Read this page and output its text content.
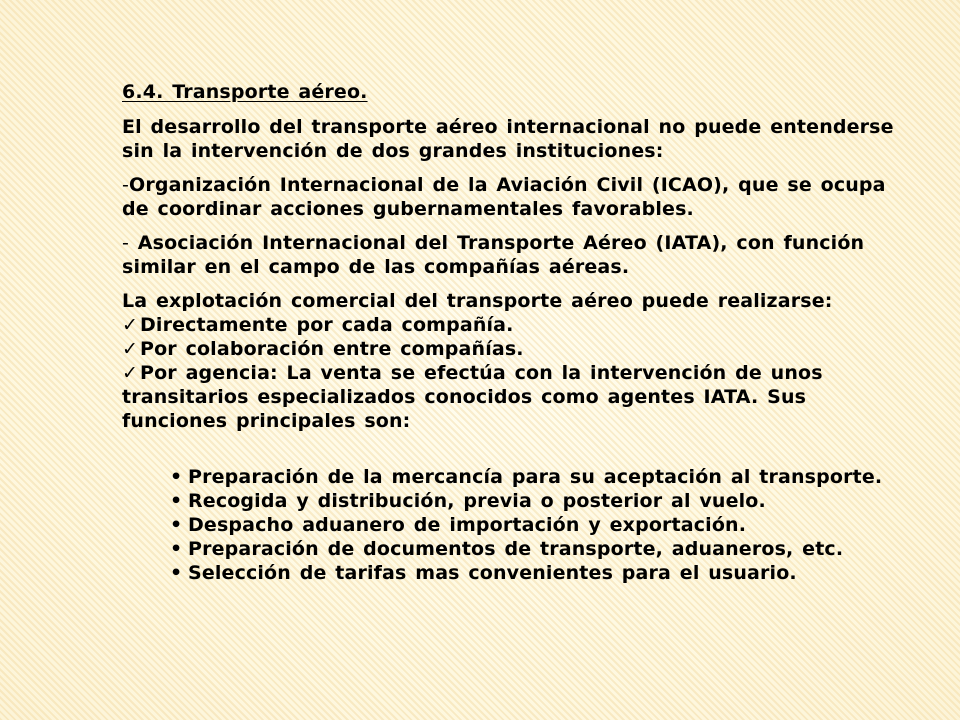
6.4. Transporte aéreo.

El desarrollo del transporte aéreo internacional no puede entenderse sin la intervención de dos grandes instituciones:

-Organización Internacional de la Aviación Civil (ICAO), que se ocupa de coordinar acciones gubernamentales favorables.

- Asociación Internacional del Transporte Aéreo (IATA), con función similar en el campo de las compañías aéreas.

La explotación comercial del transporte aéreo puede realizarse:
✓ Directamente por cada compañía.
✓ Por colaboración entre compañías.
✓ Por agencia: La venta se efectúa con la intervención de unos transitarios especializados conocidos como agentes IATA. Sus funciones principales son:
• Preparación de la mercancía para su aceptación al transporte.
• Recogida y distribución, previa o posterior al vuelo.
• Despacho aduanero de importación y exportación.
• Preparación de documentos de transporte, aduaneros, etc.
• Selección de tarifas mas convenientes para el usuario.
